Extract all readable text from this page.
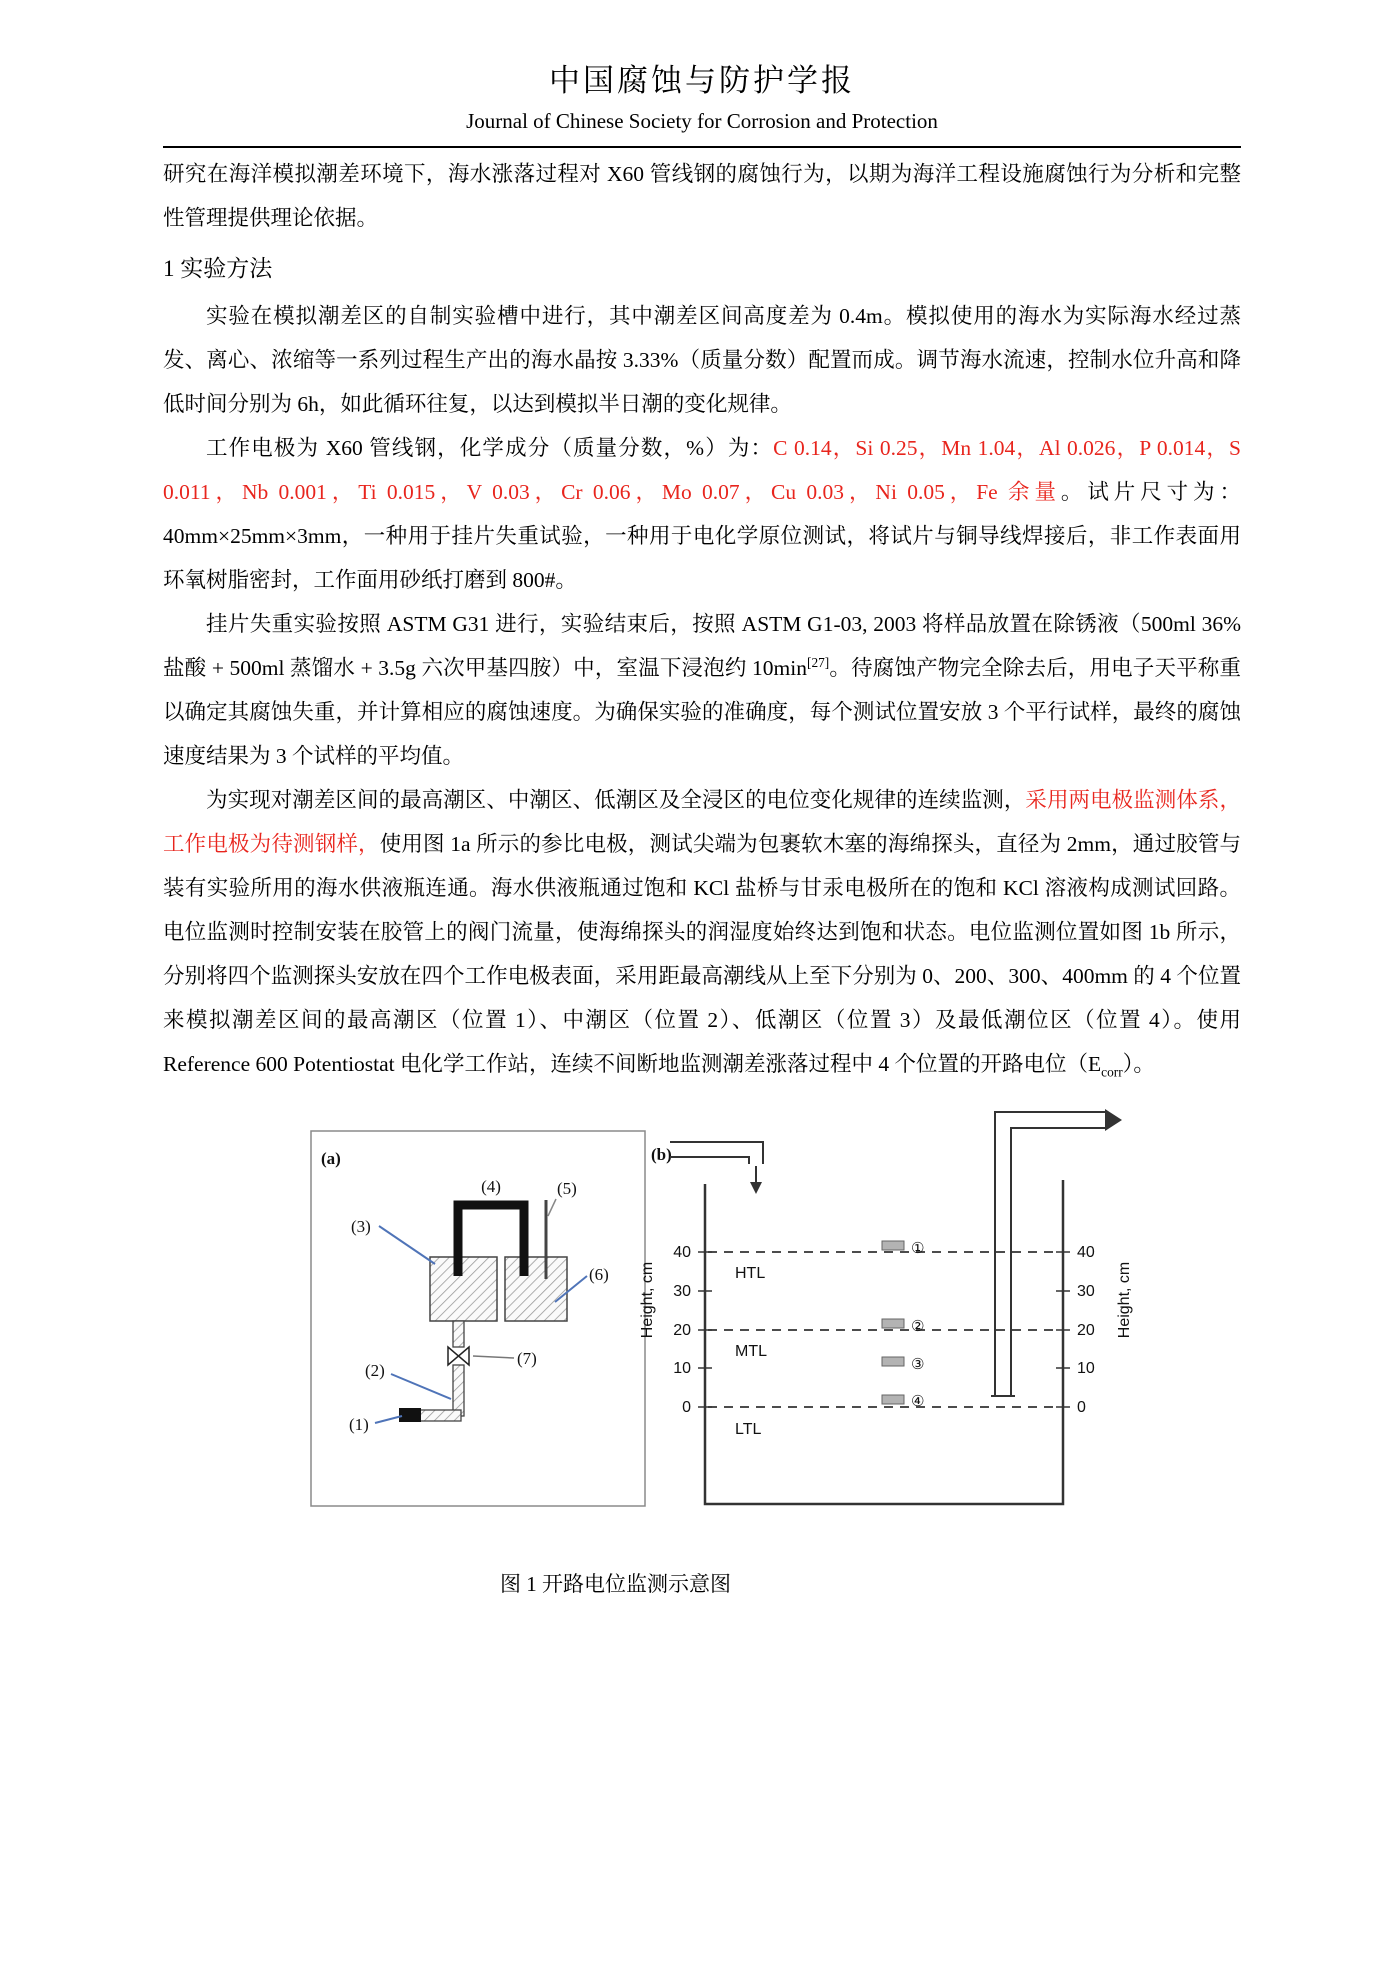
中国腐蚀与防护学报
Journal of Chinese Society for Corrosion and Protection

研究在海洋模拟潮差环境下，海水涨落过程对 X60 管线钢的腐蚀行为，以期为海洋工程设施腐蚀行为分析和完整性管理提供理论依据。

1 实验方法

实验在模拟潮差区的自制实验槽中进行，其中潮差区间高度差为 0.4m。模拟使用的海水为实际海水经过蒸发、离心、浓缩等一系列过程生产出的海水晶按 3.33%（质量分数）配置而成。调节海水流速，控制水位升高和降低时间分别为 6h，如此循环往复，以达到模拟半日潮的变化规律。

工作电极为 X60 管线钢，化学成分（质量分数，%）为：C 0.14，Si 0.25，Mn 1.04，Al 0.026，P 0.014，S 0.011，Nb 0.001，Ti 0.015，V 0.03，Cr 0.06，Mo 0.07，Cu 0.03，Ni 0.05，Fe 余量。试片尺寸为：40mm×25mm×3mm，一种用于挂片失重试验，一种用于电化学原位测试，将试片与铜导线焊接后，非工作表面用环氧树脂密封，工作面用砂纸打磨到 800#。

挂片失重实验按照 ASTM G31 进行，实验结束后，按照 ASTM G1-03, 2003 将样品放置在除锈液（500ml 36% 盐酸 + 500ml 蒸馏水 + 3.5g 六次甲基四胺）中，室温下浸泡约 10min[27]。待腐蚀产物完全除去后，用电子天平称重以确定其腐蚀失重，并计算相应的腐蚀速度。为确保实验的准确度，每个测试位置安放 3 个平行试样，最终的腐蚀速度结果为 3 个试样的平均值。

为实现对潮差区间的最高潮区、中潮区、低潮区及全浸区的电位变化规律的连续监测，采用两电极监测体系，工作电极为待测钢样，使用图 1a 所示的参比电极，测试尖端为包裹软木塞的海绵探头，直径为 2mm，通过胶管与装有实验所用的海水供液瓶连通。海水供液瓶通过饱和 KCl 盐桥与甘汞电极所在的饱和 KCl 溶液构成测试回路。电位监测时控制安装在胶管上的阀门流量，使海绵探头的润湿度始终达到饱和状态。电位监测位置如图 1b 所示，分别将四个监测探头安放在四个工作电极表面，采用距最高潮线从上至下分别为 0、200、300、400mm 的 4 个位置来模拟潮差区间的最高潮区（位置 1）、中潮区（位置 2）、低潮区（位置 3）及最低潮位区（位置 4）。使用 Reference 600 Potentiostat 电化学工作站，连续不间断地监测潮差涨落过程中 4 个位置的开路电位$(E_{corr})$。

(a)
(4)	(5)
(3)
(6)
(7)
(2)
(1)
(b)
40
30
20
10
0
Height, cm
40
30
20
10
0
Height, cm
HTL
MTL
LTL
①
②
③
④
图 1 开路电位监测示意图
